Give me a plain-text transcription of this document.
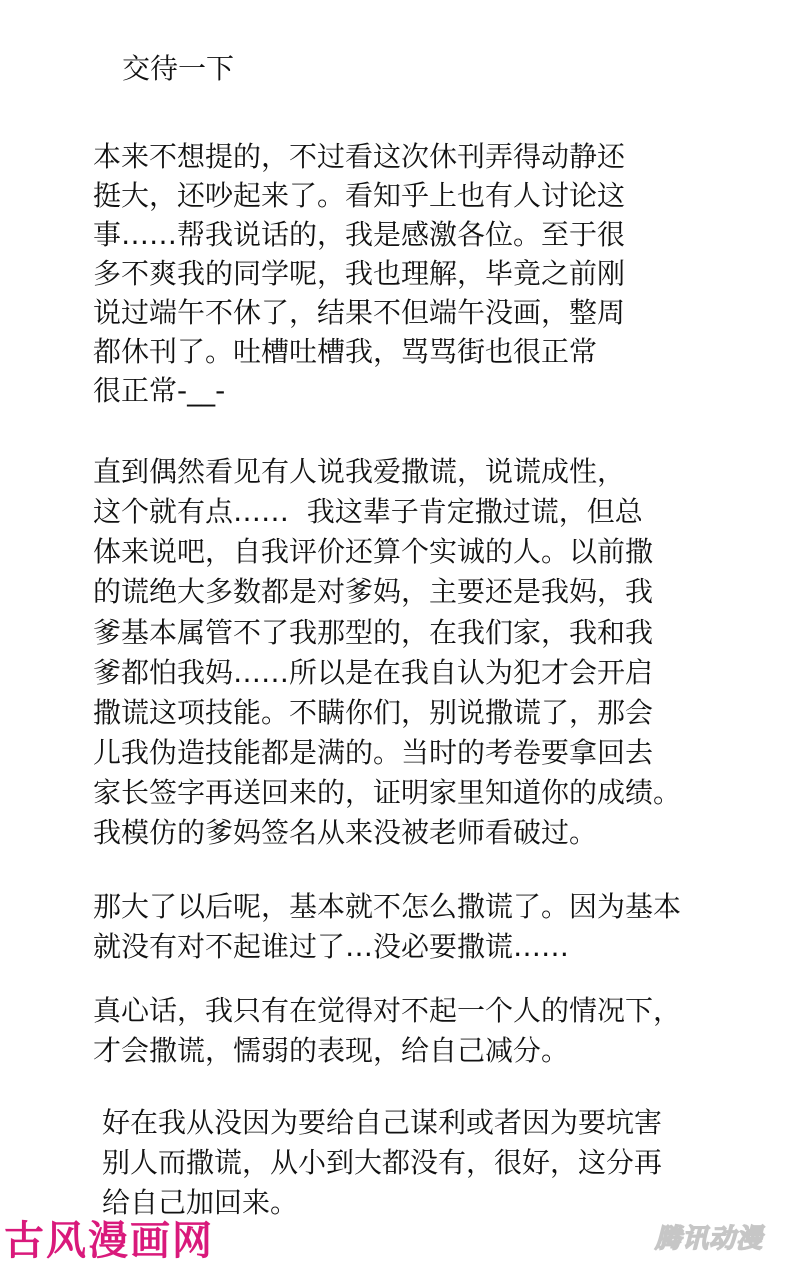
交待一下
本来不想提的，不过看这次休刊弄得动静还
挺大，还吵起来了。看知乎上也有人讨论这
事……帮我说话的，我是感激各位。至于很
多不爽我的同学呢，我也理解，毕竟之前刚
说过端午不休了，结果不但端午没画，整周
都休刊了。吐槽吐槽我，骂骂街也很正常
很正常-__-
直到偶然看见有人说我爱撒谎，说谎成性，
这个就有点……  我这辈子肯定撒过谎，但总
体来说吧，自我评价还算个实诚的人。以前撒
的谎绝大多数都是对爹妈，主要还是我妈，我
爹基本属管不了我那型的，在我们家，我和我
爹都怕我妈……所以是在我自认为犯才会开启
撒谎这项技能。不瞒你们，别说撒谎了，那会
儿我伪造技能都是满的。当时的考卷要拿回去
家长签字再送回来的，证明家里知道你的成绩。
我模仿的爹妈签名从来没被老师看破过。
那大了以后呢，基本就不怎么撒谎了。因为基本
就没有对不起谁过了…没必要撒谎……
真心话，我只有在觉得对不起一个人的情况下，
才会撒谎，懦弱的表现，给自己减分。
好在我从没因为要给自己谋利或者因为要坑害
别人而撒谎，从小到大都没有，很好，这分再
给自己加回来。
古风漫画网	腾讯动漫
